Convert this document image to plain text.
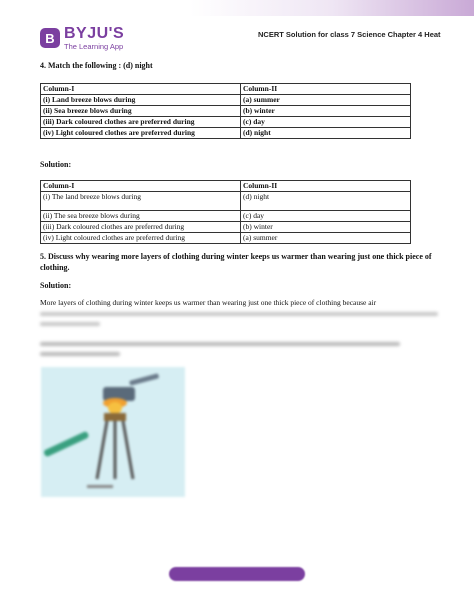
B BYJU'S
The Learning App
NCERT Solution for class 7 Science Chapter 4 Heat
4. Match the following : (d) night
Column-I	Column-II
(i) Land breeze blows during	(a) summer
(ii) Sea breeze blows during	(b) winter
(iii) Dark coloured clothes are preferred during	(c) day
(iv) Light coloured clothes are preferred during	(d) night
Solution:
Column-I	Column-II
(i) The land breeze blows during	(d) night
(ii) The sea breeze blows during	(c) day
(iii) Dark coloured clothes are preferred during	(b) winter
(iv) Light coloured clothes are preferred during	(a) summer
5. Discuss why wearing more layers of clothing during winter keeps us warmer than wearing just one thick piece of clothing.
Solution:
More layers of clothing during winter keeps us warmer than wearing just one thick piece of clothing because air
